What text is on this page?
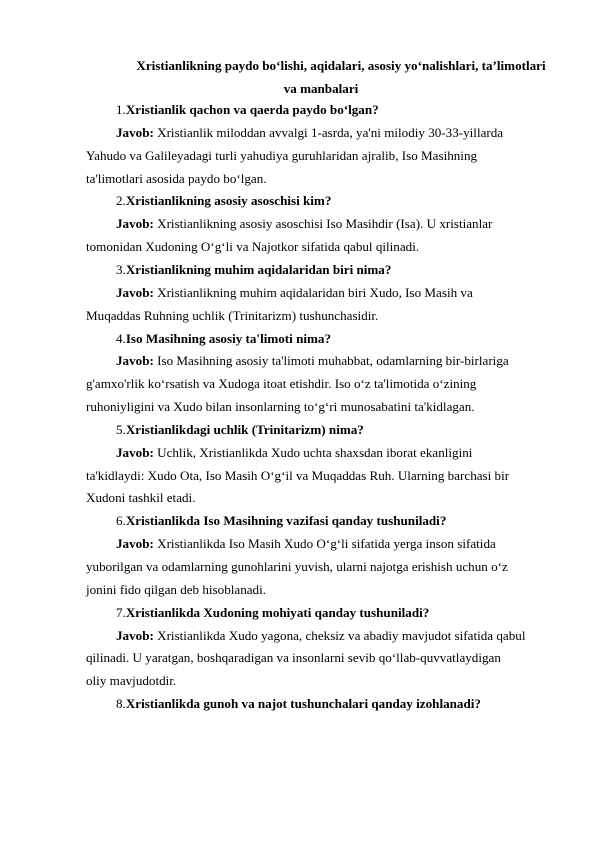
Xristianlikning paydo bo‘lishi, aqidalari, asosiy yo‘nalishlari, ta’limotlari
va manbalari
1.Xristianlik qachon va qaerda paydo bo‘lgan?
Javob: Xristianlik miloddan avvalgi 1-asrda, ya'ni milodiy 30-33-yillarda
Yahudo va Galileyadagi turli yahudiya guruhlaridan ajralib, Iso Masihning
ta'limotlari asosida paydo bo‘lgan.
2.Xristianlikning asosiy asoschisi kim?
Javob: Xristianlikning asosiy asoschisi Iso Masihdir (Isa). U xristianlar
tomonidan Xudoning O‘g‘li va Najotkor sifatida qabul qilinadi.
3.Xristianlikning muhim aqidalaridan biri nima?
Javob: Xristianlikning muhim aqidalaridan biri Xudo, Iso Masih va
Muqaddas Ruhning uchlik (Trinitarizm) tushunchasidir.
4.Iso Masihning asosiy ta'limoti nima?
Javob: Iso Masihning asosiy ta'limoti muhabbat, odamlarning bir-birlariga
g'amxo'rlik ko‘rsatish va Xudoga itoat etishdir. Iso o‘z ta'limotida o‘zining
ruhoniyligini va Xudo bilan insonlarning to‘g‘ri munosabatini ta'kidlagan.
5.Xristianlikdagi uchlik (Trinitarizm) nima?
Javob: Uchlik, Xristianlikda Xudo uchta shaxsdan iborat ekanligini
ta'kidlaydi: Xudo Ota, Iso Masih O‘g‘il va Muqaddas Ruh. Ularning barchasi bir
Xudoni tashkil etadi.
6.Xristianlikda Iso Masihning vazifasi qanday tushuniladi?
Javob: Xristianlikda Iso Masih Xudo O‘g‘li sifatida yerga inson sifatida
yuborilgan va odamlarning gunohlarini yuvish, ularni najotga erishish uchun o‘z
jonini fido qilgan deb hisoblanadi.
7.Xristianlikda Xudoning mohiyati qanday tushuniladi?
Javob: Xristianlikda Xudo yagona, cheksiz va abadiy mavjudot sifatida qabul
qilinadi. U yaratgan, boshqaradigan va insonlarni sevib qo‘llab-quvvatlaydigan
oliy mavjudotdir.
8.Xristianlikda gunoh va najot tushunchalari qanday izohlanadi?
